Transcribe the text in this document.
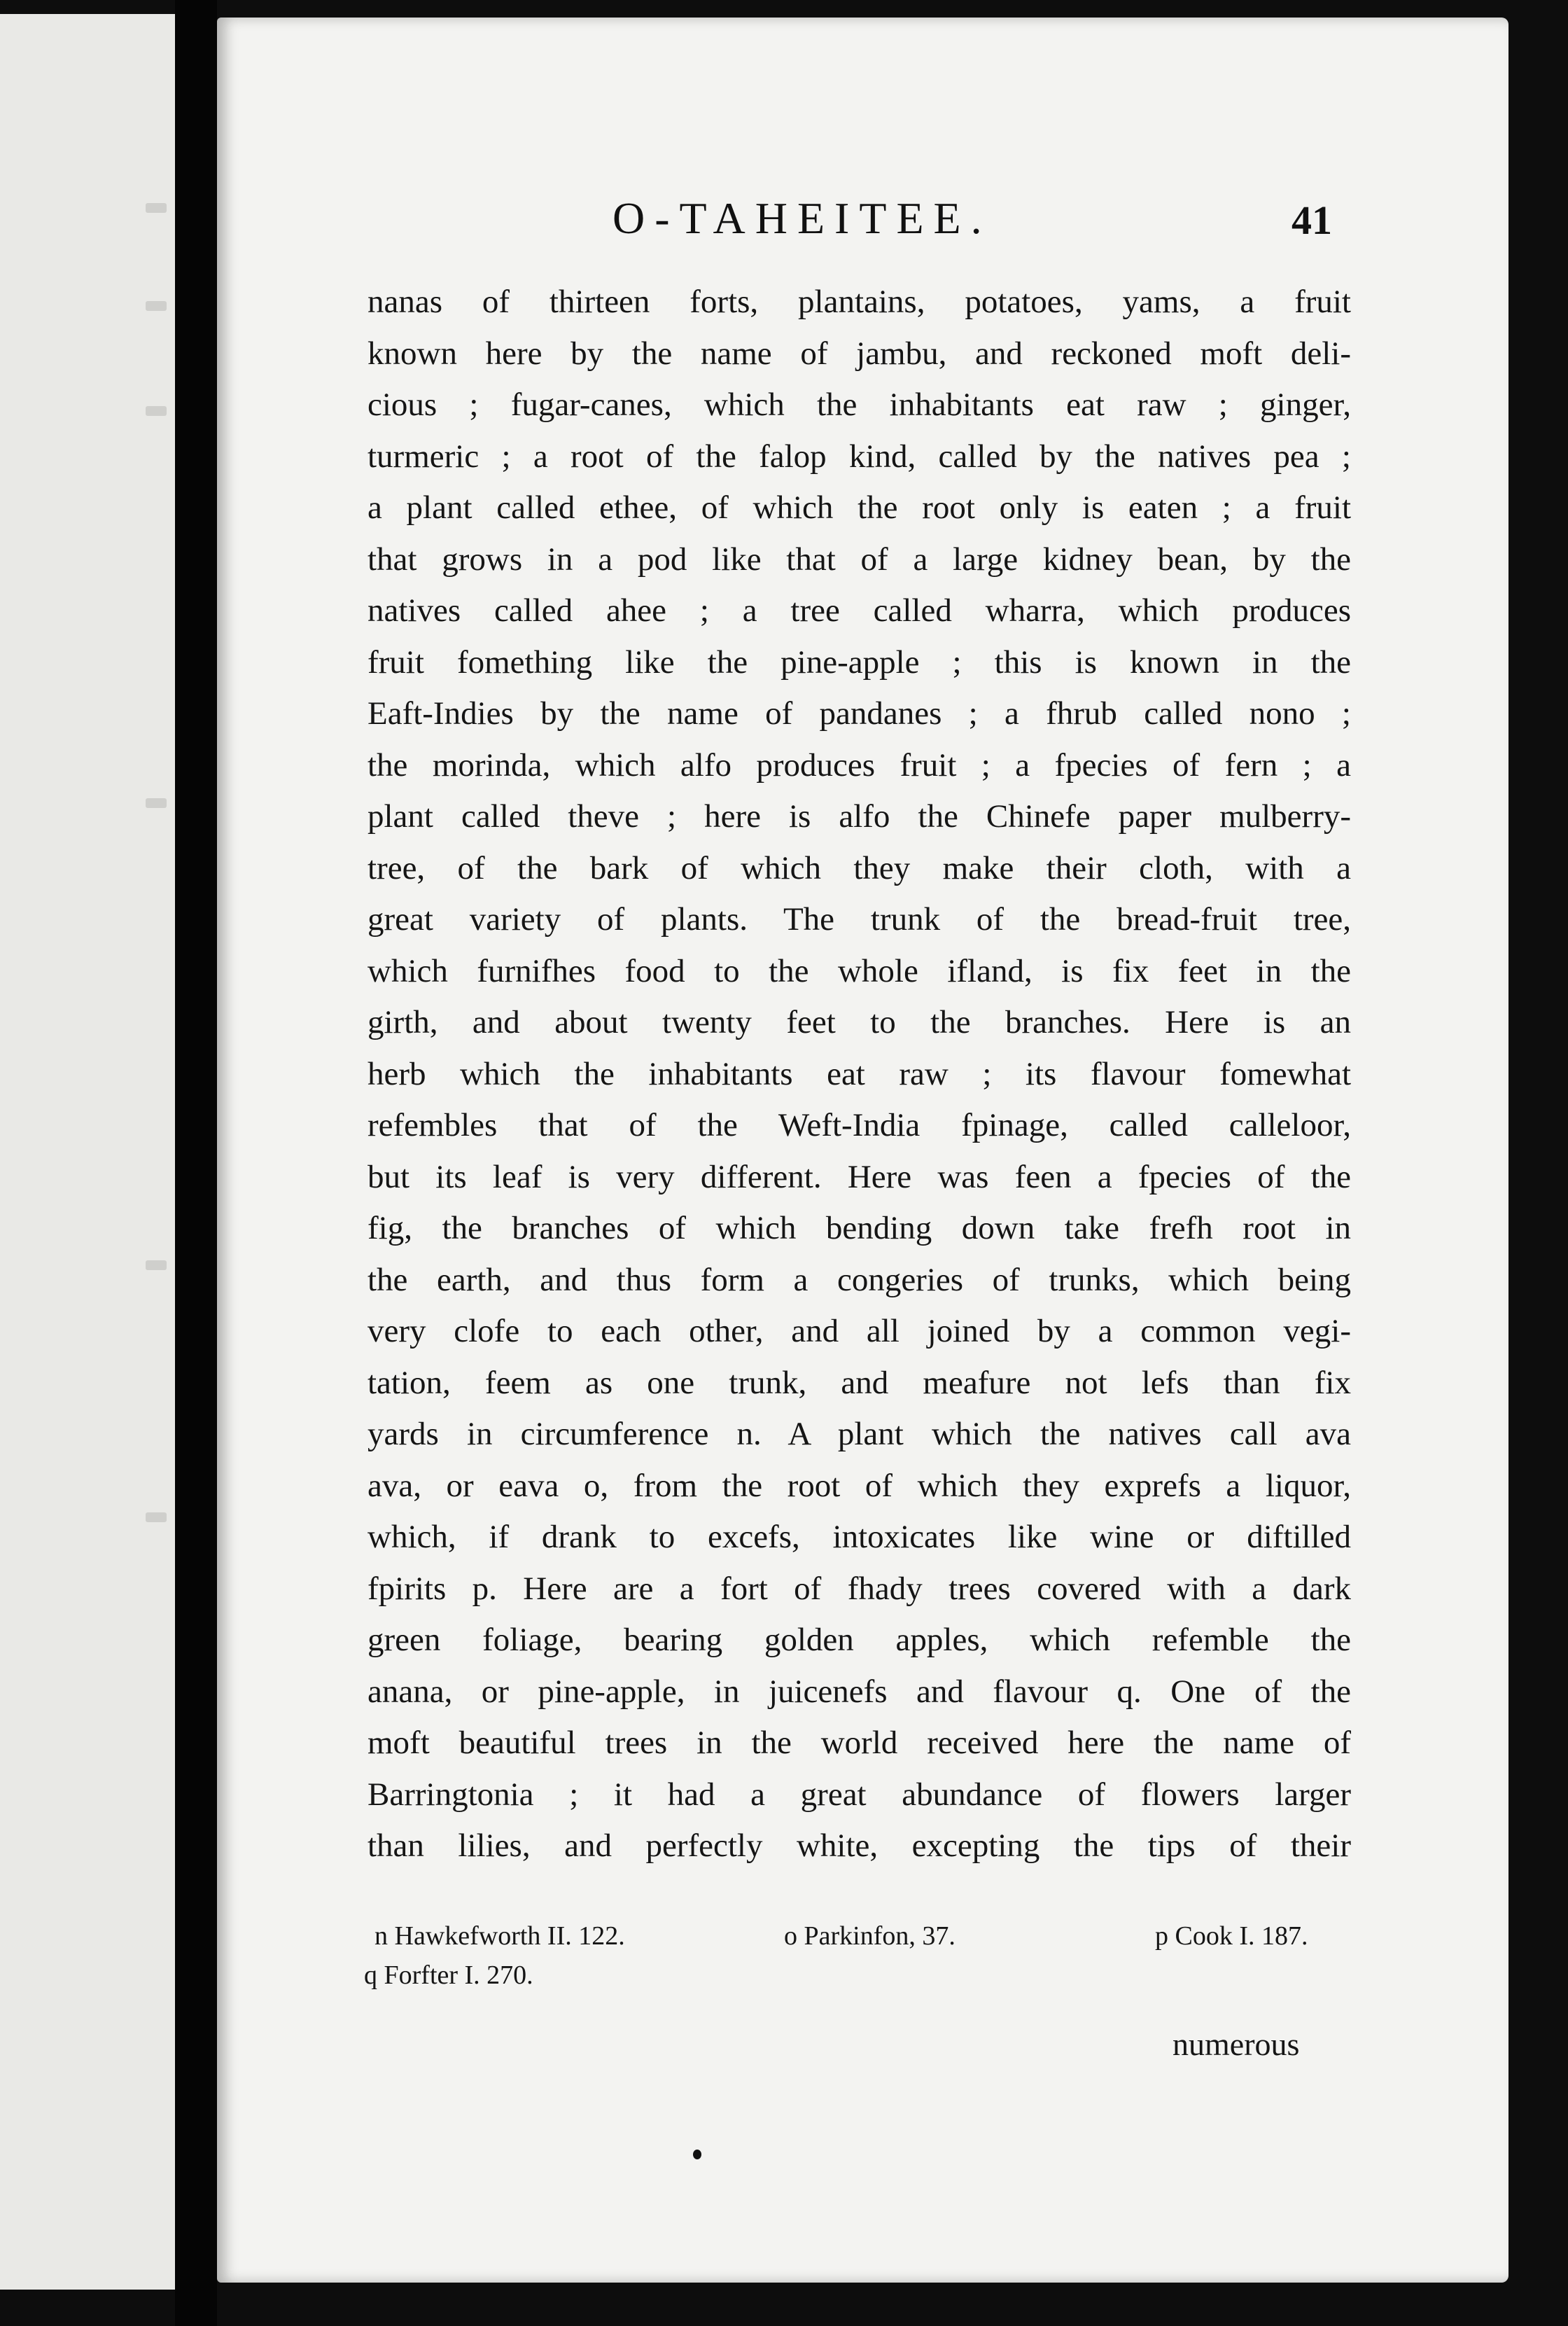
O-TAHEITEE.	41
nanas of thirteen forts, plantains, potatoes, yams, a fruit
known here by the name of jambu, and reckoned moft deli-
cious ; fugar-canes, which the inhabitants eat raw ; ginger,
turmeric ; a root of the falop kind, called by the natives pea ;
a plant called ethee, of which the root only is eaten ; a fruit
that grows in a pod like that of a large kidney bean, by the
natives called ahee ; a tree called wharra, which produces
fruit fomething like the pine-apple ; this is known in the
Eaft-Indies by the name of pandanes ; a fhrub called nono ;
the morinda, which alfo produces fruit ; a fpecies of fern ; a
plant called theve ; here is alfo the Chinefe paper mulberry-
tree, of the bark of which they make their cloth, with a
great variety of plants. The trunk of the bread-fruit tree,
which furnifhes food to the whole ifland, is fix feet in the
girth, and about twenty feet to the branches. Here is an
herb which the inhabitants eat raw ; its flavour fomewhat
refembles that of the Weft-India fpinage, called calleloor,
but its leaf is very different. Here was feen a fpecies of the
fig, the branches of which bending down take frefh root in
the earth, and thus form a congeries of trunks, which being
very clofe to each other, and all joined by a common vegi-
tation, feem as one trunk, and meafure not lefs than fix
yards in circumference n. A plant which the natives call ava
ava, or eava o, from the root of which they exprefs a liquor,
which, if drank to excefs, intoxicates like wine or diftilled
fpirits p. Here are a fort of fhady trees covered with a dark
green foliage, bearing golden apples, which refemble the
anana, or pine-apple, in juicenefs and flavour q. One of the
moft beautiful trees in the world received here the name of
Barringtonia ; it had a great abundance of flowers larger
than lilies, and perfectly white, excepting the tips of their
n Hawkefworth II. 122.	o Parkinfon, 37.	p Cook I. 187.
q Forfter I. 270.
numerous
